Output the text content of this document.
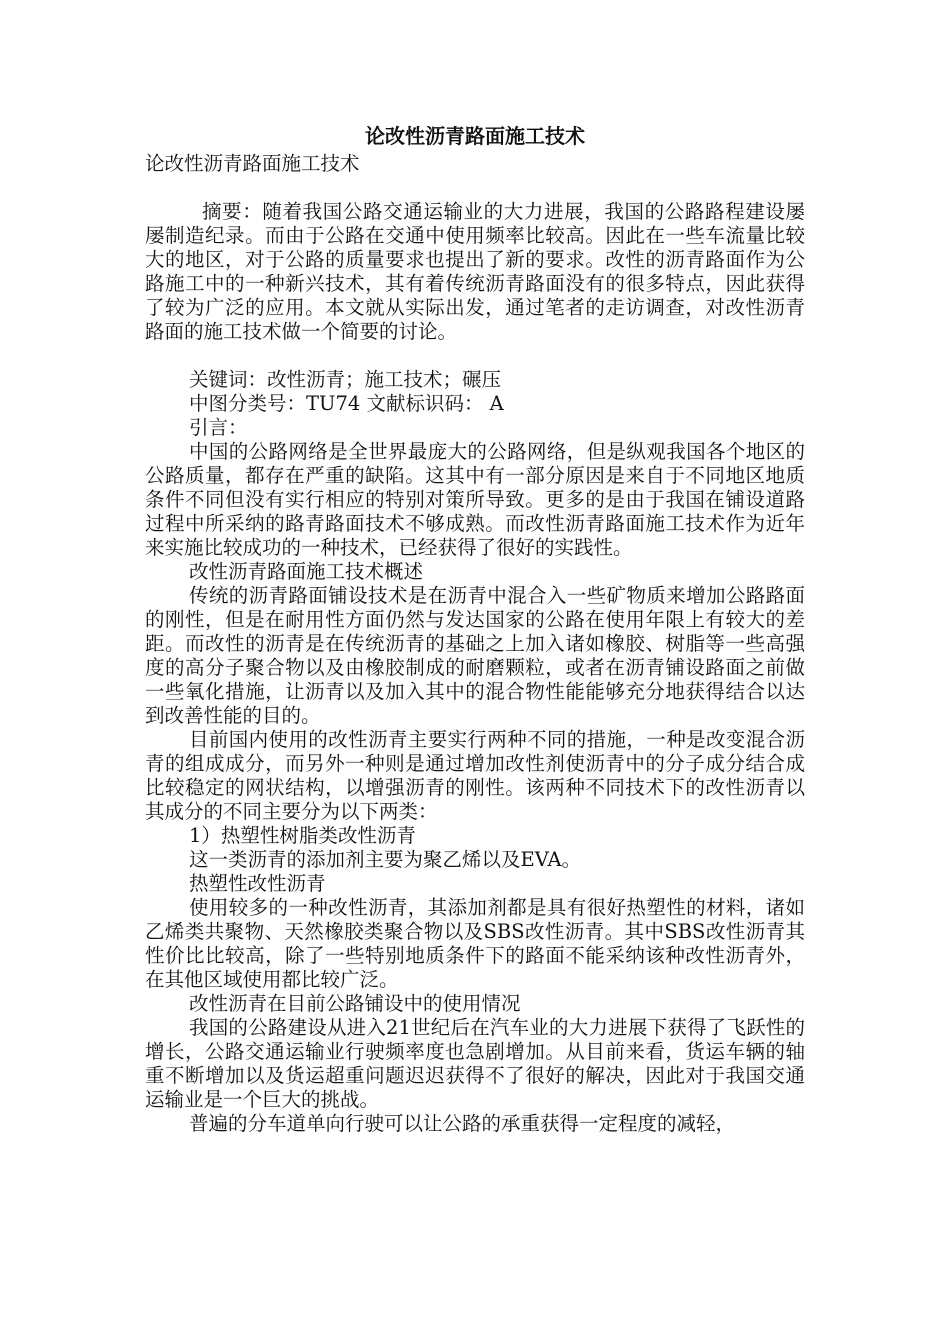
论改性沥青路面施工技术

论改性沥青路面施工技术

摘要：随着我国公路交通运输业的大力进展，我国的公路路程建设屡屡制造纪录。而由于公路在交通中使用频率比较高。因此在一些车流量比较大的地区，对于公路的质量要求也提出了新的要求。改性的沥青路面作为公路施工中的一种新兴技术，其有着传统沥青路面没有的很多特点，因此获得了较为广泛的应用。本文就从实际出发，通过笔者的走访调查，对改性沥青路面的施工技术做一个简要的讨论。

关键词：改性沥青；施工技术；碾压

中图分类号：TU74 文献标识码： A

引言：

中国的公路网络是全世界最庞大的公路网络，但是纵观我国各个地区的公路质量，都存在严重的缺陷。这其中有一部分原因是来自于不同地区地质条件不同但没有实行相应的特别对策所导致。更多的是由于我国在铺设道路过程中所采纳的路青路面技术不够成熟。而改性沥青路面施工技术作为近年来实施比较成功的一种技术，已经获得了很好的实践性。

改性沥青路面施工技术概述

传统的沥青路面铺设技术是在沥青中混合入一些矿物质来增加公路路面的刚性，但是在耐用性方面仍然与发达国家的公路在使用年限上有较大的差距。而改性的沥青是在传统沥青的基础之上加入诸如橡胶、树脂等一些高强度的高分子聚合物以及由橡胶制成的耐磨颗粒，或者在沥青铺设路面之前做一些氧化措施，让沥青以及加入其中的混合物性能能够充分地获得结合以达到改善性能的目的。

目前国内使用的改性沥青主要实行两种不同的措施，一种是改变混合沥青的组成成分，而另外一种则是通过增加改性剂使沥青中的分子成分结合成比较稳定的网状结构，以增强沥青的刚性。该两种不同技术下的改性沥青以其成分的不同主要分为以下两类：

1）热塑性树脂类改性沥青

这一类沥青的添加剂主要为聚乙烯以及EVA。

热塑性改性沥青

使用较多的一种改性沥青，其添加剂都是具有很好热塑性的材料，诸如乙烯类共聚物、天然橡胶类聚合物以及SBS改性沥青。其中SBS改性沥青其性价比比较高，除了一些特别地质条件下的路面不能采纳该种改性沥青外，在其他区域使用都比较广泛。

改性沥青在目前公路铺设中的使用情况

我国的公路建设从进入21世纪后在汽车业的大力进展下获得了飞跃性的增长，公路交通运输业行驶频率度也急剧增加。从目前来看，货运车辆的轴重不断增加以及货运超重问题迟迟获得不了很好的解决，因此对于我国交通运输业是一个巨大的挑战。

普遍的分车道单向行驶可以让公路的承重获得一定程度的减轻，
